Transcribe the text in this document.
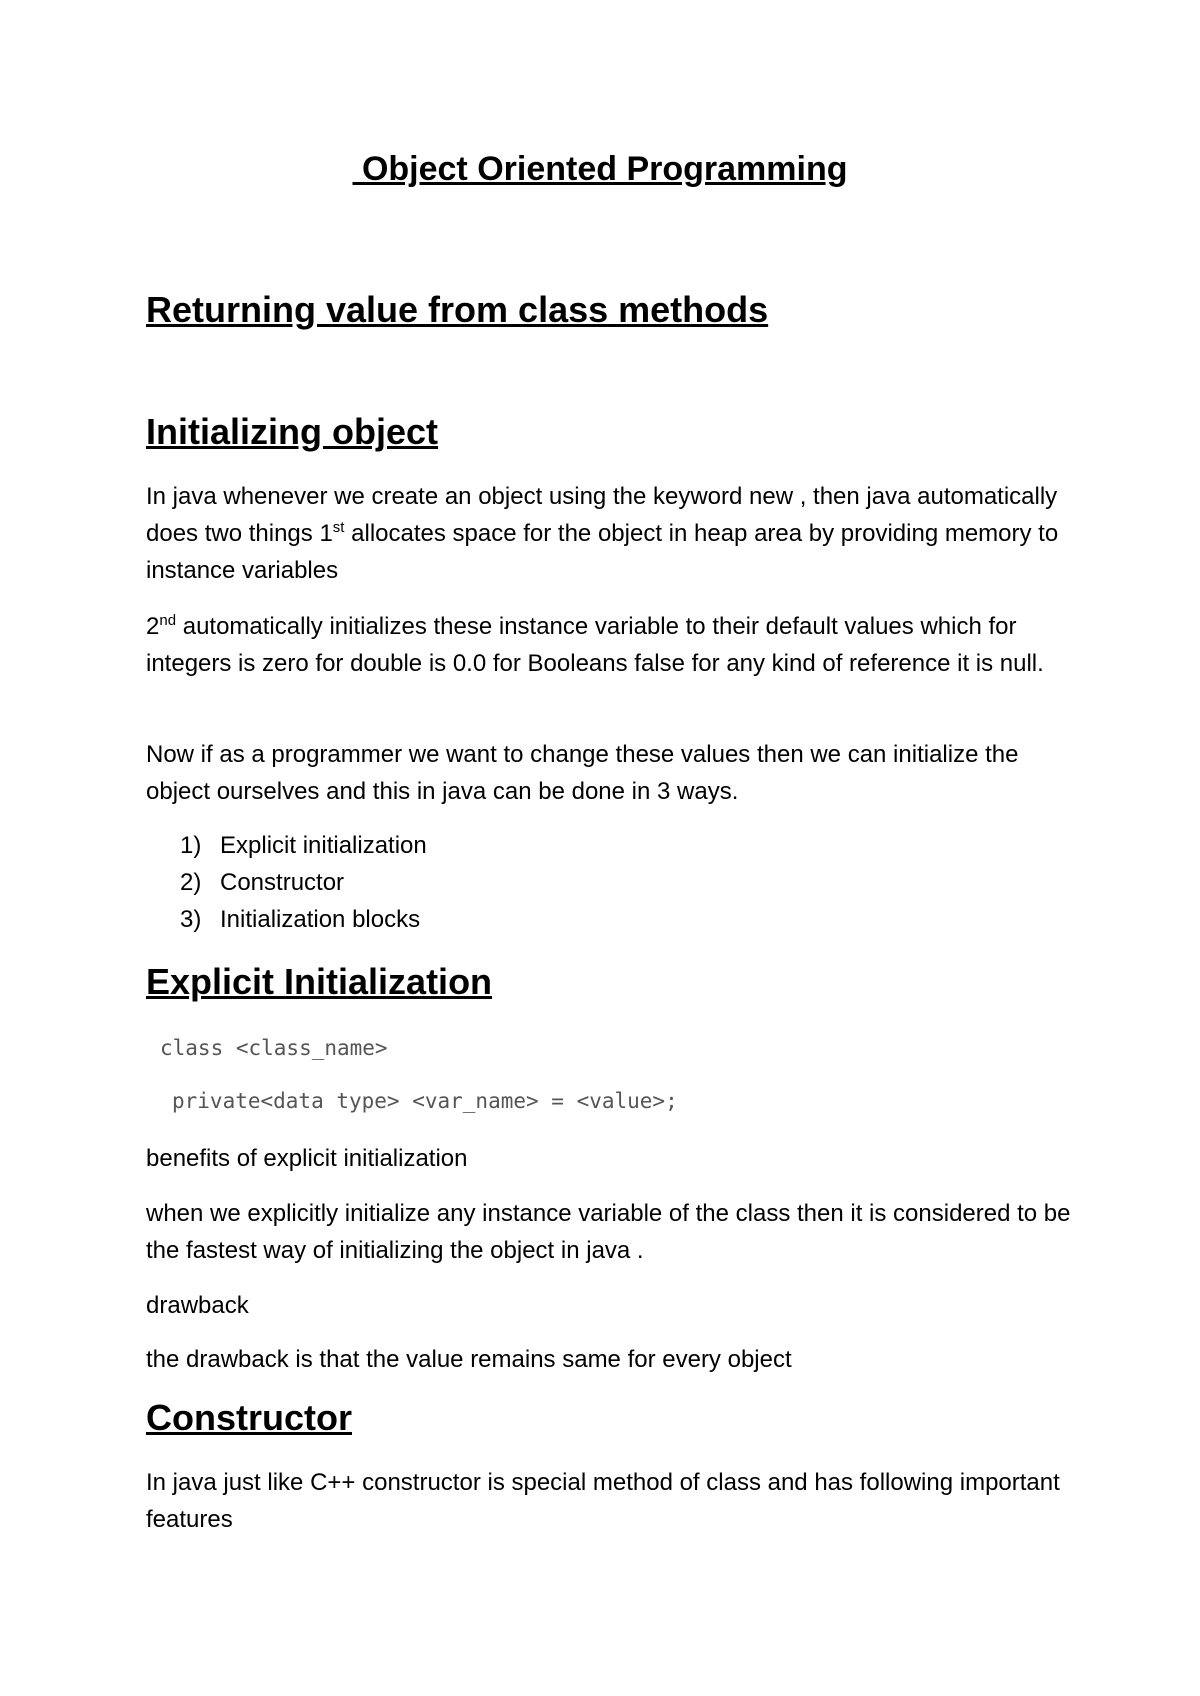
Object Oriented Programming
Returning value from class methods
Initializing object

In java whenever we create an object using the keyword new , then java automatically does two things 1st allocates space for the object in heap area by providing memory to instance variables

2nd automatically initializes these instance variable to their default values which for integers is zero for double is 0.0 for Booleans false for any kind of reference it is null.

Now if as a programmer we want to change these values then we can initialize the object ourselves and this in java can be done in 3 ways.

1) Explicit initialization
2) Constructor
3) Initialization blocks
Explicit Initialization
class <class_name>
private<data type> <var_name> = <value>;

benefits of explicit initialization

when we explicitly initialize any instance variable of the class then it is considered to be the fastest way of initializing the object in java .

drawback

the drawback is that the value remains same for every object

Constructor

In java just like C++ constructor is special method of class and has following important features
